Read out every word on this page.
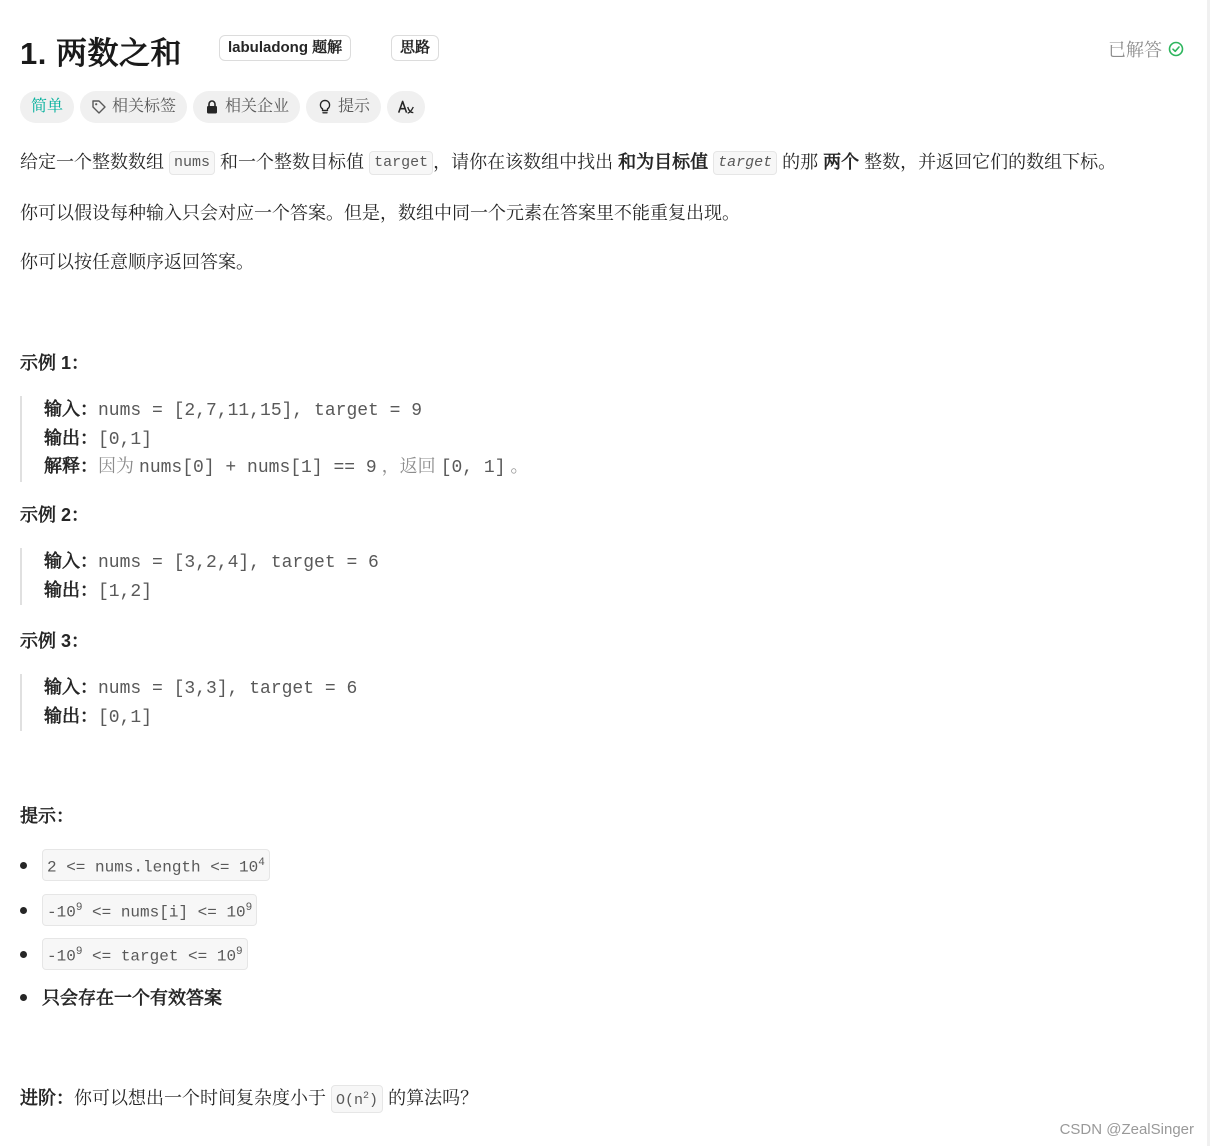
1. 两数之和	labuladong 题解	思路	已解答
简单	相关标签	相关企业	提示
给定一个整数数组 nums 和一个整数目标值 target ，请你在该数组中找出 和为目标值 target 的那 两个 整数，并返回它们的数组下标。
你可以假设每种输入只会对应一个答案。但是，数组中同一个元素在答案里不能重复出现。
你可以按任意顺序返回答案。
示例 1：
输入：nums = [2,7,11,15], target = 9
输出：[0,1]
解释：因为 nums[0] + nums[1] == 9 ，返回 [0, 1] 。
示例 2：
输入：nums = [3,2,4], target = 6
输出：[1,2]
示例 3：
输入：nums = [3,3], target = 6
输出：[0,1]
提示：
2 <= nums.length <= $10^4$
$-10^9$ <= nums[i] <= $10^9$
$-10^9$ <= target <= $10^9$
只会存在一个有效答案
进阶：你可以想出一个时间复杂度小于 $O(n^2)$ 的算法吗？
CSDN @ZealSinger
